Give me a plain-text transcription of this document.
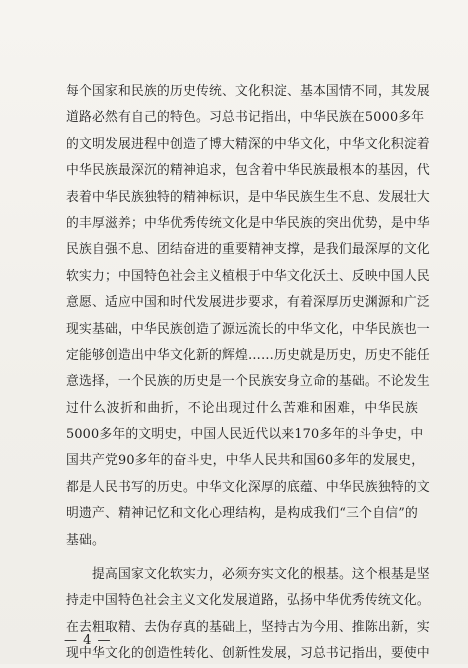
每个国家和民族的历史传统、文化积淀、基本国情不同，其发展
道路必然有自己的特色。习总书记指出，中华民族在5000多年
的文明发展进程中创造了博大精深的中华文化，中华文化积淀着
中华民族最深沉的精神追求，包含着中华民族最根本的基因，代
表着中华民族独特的精神标识，是中华民族生生不息、发展壮大
的丰厚滋养；中华优秀传统文化是中华民族的突出优势，是中华
民族自强不息、团结奋进的重要精神支撑，是我们最深厚的文化
软实力；中国特色社会主义植根于中华文化沃土、反映中国人民
意愿、适应中国和时代发展进步要求，有着深厚历史渊源和广泛
现实基础，中华民族创造了源远流长的中华文化，中华民族也一
定能够创造出中华文化新的辉煌……历史就是历史，历史不能任
意选择，一个民族的历史是一个民族安身立命的基础。不论发生
过什么波折和曲折，不论出现过什么苦难和困难，中华民族
5000多年的文明史，中国人民近代以来170多年的斗争史，中
国共产党90多年的奋斗史，中华人民共和国60多年的发展史，
都是人民书写的历史。中华文化深厚的底蕴、中华民族独特的文
明遗产、精神记忆和文化心理结构，是构成我们“三个自信”的
基础。
提高国家文化软实力，必须夯实文化的根基。这个根基是坚
持走中国特色社会主义文化发展道路，弘扬中华优秀传统文化。
在去粗取精、去伪存真的基础上，坚持古为今用、推陈出新，实
现中华文化的创造性转化、创新性发展，习总书记指出，要使中
— 4 —
